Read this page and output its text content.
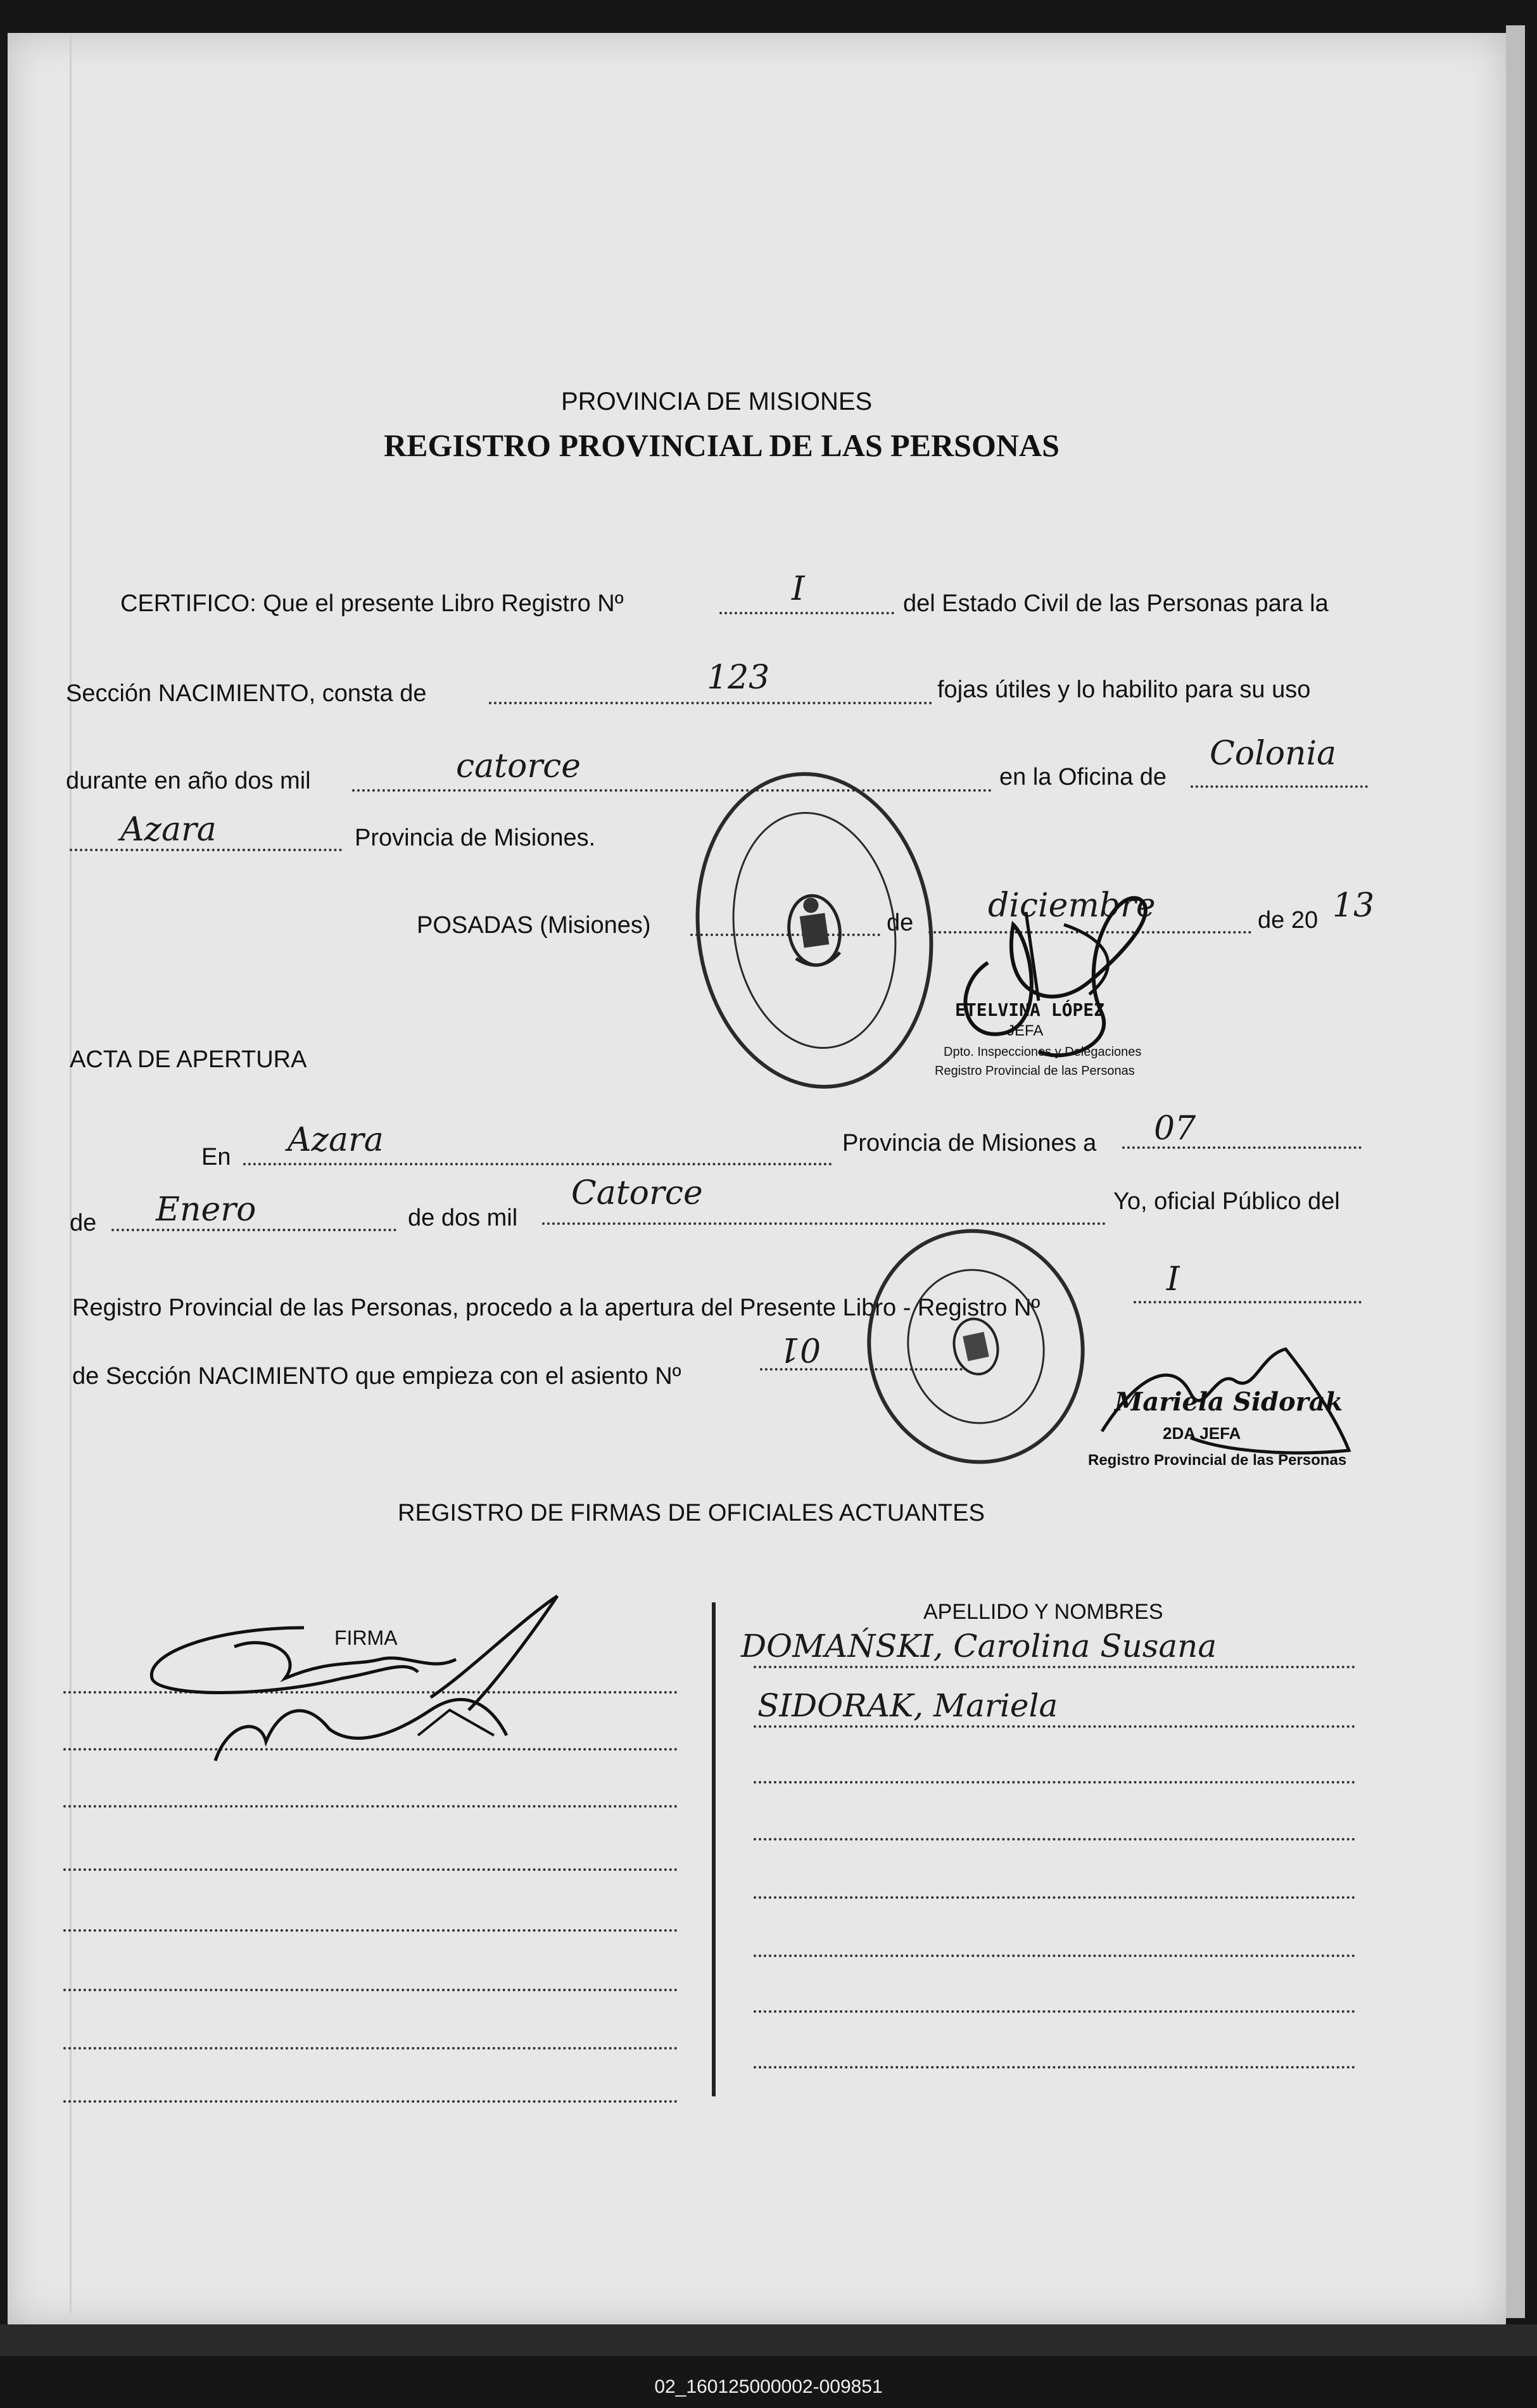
PROVINCIA DE MISIONES
REGISTRO PROVINCIAL DE LAS PERSONAS
CERTIFICO: Que el presente Libro Registro Nº	I	del Estado Civil de las Personas para la
Sección NACIMIENTO, consta de	123	fojas útiles y lo habilito para su uso
durante en año dos mil	catorce	en la Oficina de
Colonia
Azara	Provincia de Misiones.
POSADAS (Misiones)	de diciembre	de 20 13
ETELVINA LÓPEZ
JEFA
Dpto. Inspecciones y Delegaciones
Registro Provincial de las Personas
ACTA DE APERTURA
En Azara	Provincia de Misiones a 07
de Enero	de dos mil
Catorce	Yo, oficial Público del
Registro Provincial de las Personas, procedo a la apertura del Presente Libro - Registro Nº
I
de Sección NACIMIENTO que empieza con el asiento Nº
01
Mariela Sidorak
2DA JEFA
Registro Provincial de las Personas
REGISTRO DE FIRMAS DE OFICIALES ACTUANTES
FIRMA
APELLIDO Y NOMBRES
DOMAŃSKI, Carolina Susana
SIDORAK, Mariela
02_160125000002-009851
